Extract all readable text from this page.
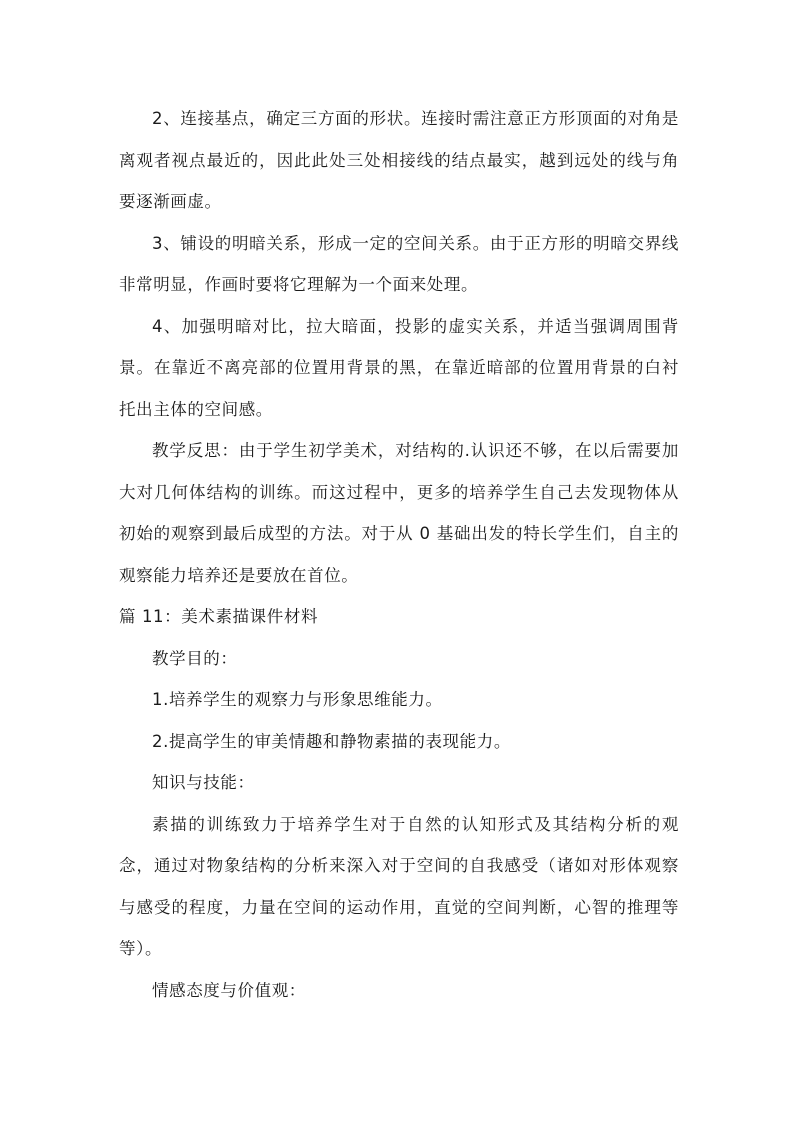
2、连接基点，确定三方面的形状。连接时需注意正方形顶面的对角是离观者视点最近的，因此此处三处相接线的结点最实，越到远处的线与角要逐渐画虚。

3、铺设的明暗关系，形成一定的空间关系。由于正方形的明暗交界线非常明显，作画时要将它理解为一个面来处理。

4、加强明暗对比，拉大暗面，投影的虚实关系，并适当强调周围背景。在靠近不离亮部的位置用背景的黑，在靠近暗部的位置用背景的白衬托出主体的空间感。

教学反思：由于学生初学美术，对结构的.认识还不够，在以后需要加大对几何体结构的训练。而这过程中，更多的培养学生自己去发现物体从初始的观察到最后成型的方法。对于从 0 基础出发的特长学生们，自主的观察能力培养还是要放在首位。

篇 11：美术素描课件材料

教学目的：

1.培养学生的观察力与形象思维能力。

2.提高学生的审美情趣和静物素描的表现能力。

知识与技能：

素描的训练致力于培养学生对于自然的认知形式及其结构分析的观念，通过对物象结构的分析来深入对于空间的自我感受（诸如对形体观察与感受的程度，力量在空间的运动作用，直觉的空间判断，心智的推理等等）。

情感态度与价值观：
